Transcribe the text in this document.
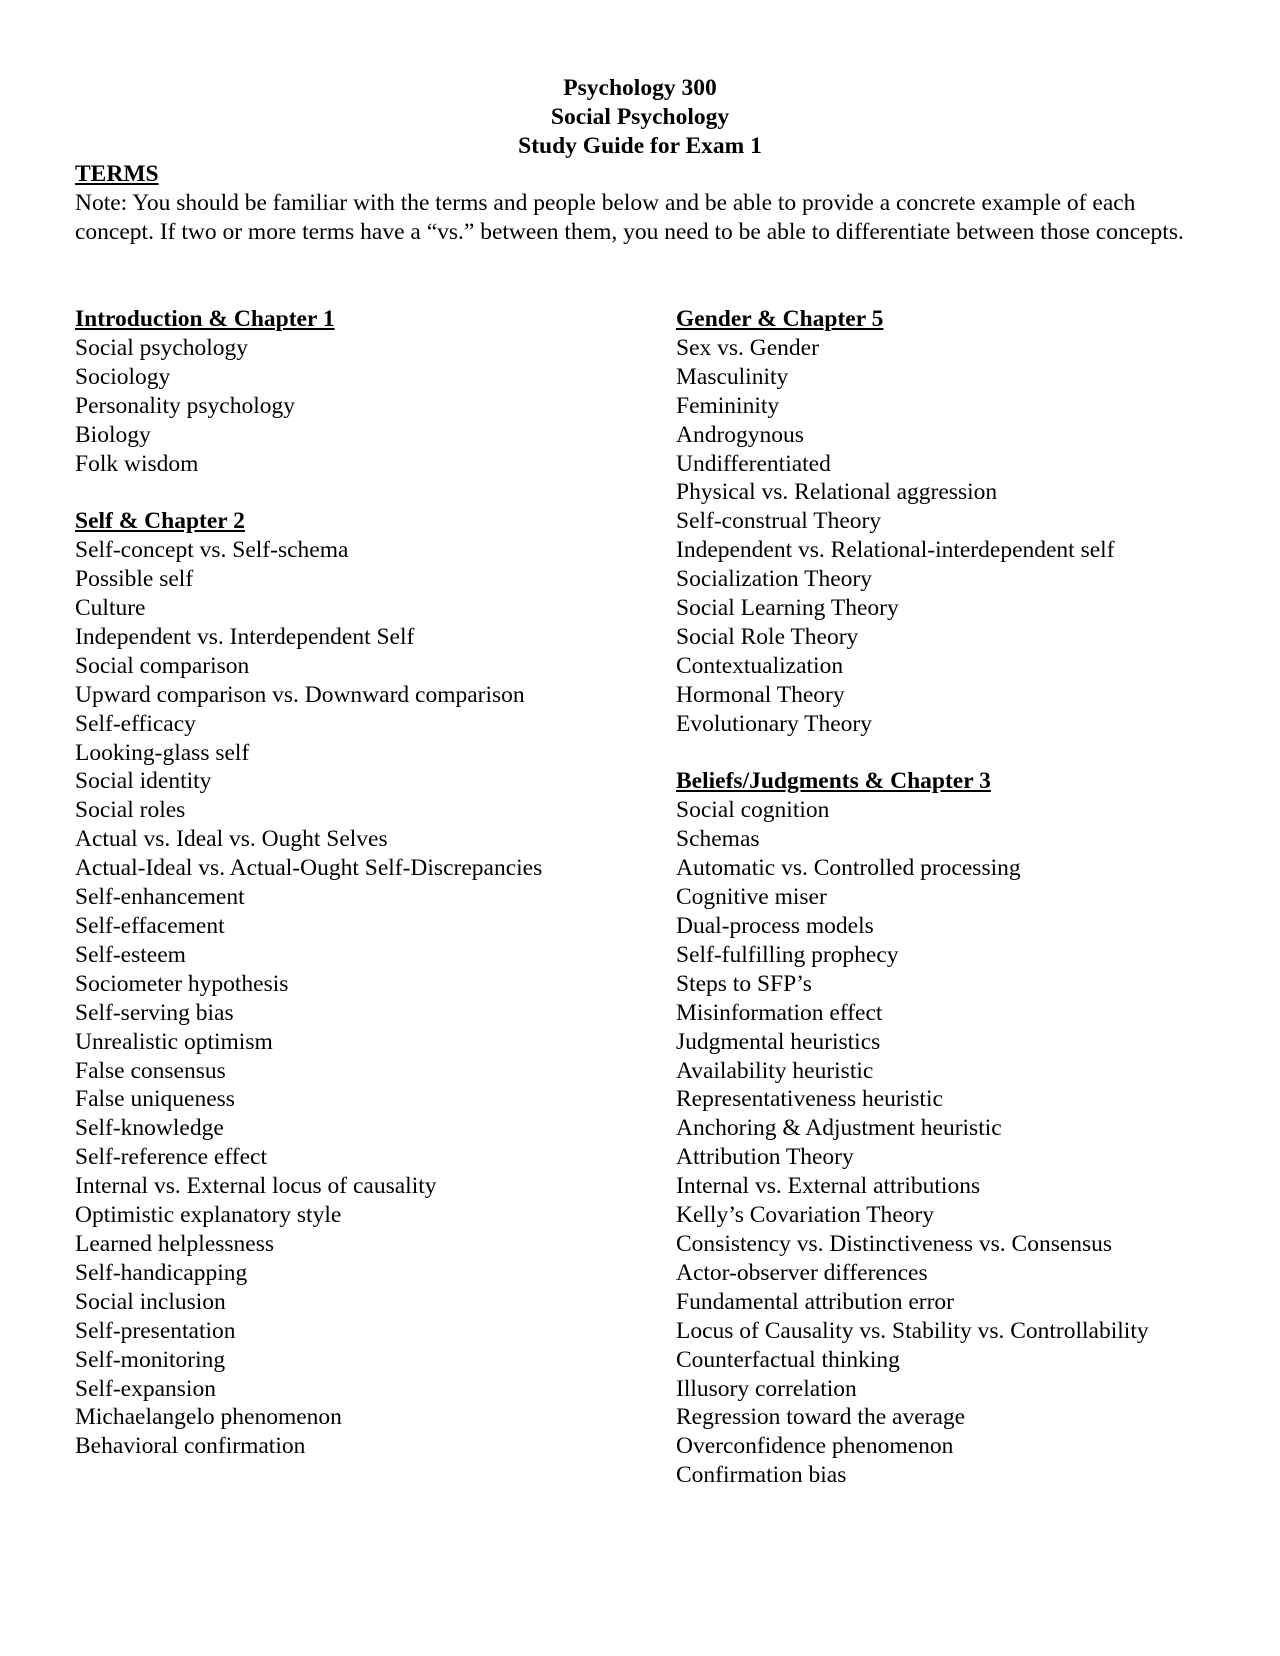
Psychology 300
Social Psychology
Study Guide for Exam 1
TERMS

Note: You should be familiar with the terms and people below and be able to provide a concrete example of each concept. If two or more terms have a “vs.” between them, you need to be able to differentiate between those concepts.

Introduction & Chapter 1
Social psychology
Sociology
Personality psychology
Biology
Folk wisdom
Self & Chapter 2
Self-concept vs. Self-schema
Possible self
Culture
Independent vs. Interdependent Self
Social comparison
Upward comparison vs. Downward comparison
Self-efficacy
Looking-glass self
Social identity
Social roles
Actual vs. Ideal vs. Ought Selves
Actual-Ideal vs. Actual-Ought Self-Discrepancies
Self-enhancement
Self-effacement
Self-esteem
Sociometer hypothesis
Self-serving bias
Unrealistic optimism
False consensus
False uniqueness
Self-knowledge
Self-reference effect
Internal vs. External locus of causality
Optimistic explanatory style
Learned helplessness
Self-handicapping
Social inclusion
Self-presentation
Self-monitoring
Self-expansion
Michaelangelo phenomenon
Behavioral confirmation
Gender & Chapter 5
Sex vs. Gender
Masculinity
Femininity
Androgynous
Undifferentiated
Physical vs. Relational aggression
Self-construal Theory
Independent vs. Relational-interdependent self
Socialization Theory
Social Learning Theory
Social Role Theory
Contextualization
Hormonal Theory
Evolutionary Theory
Beliefs/Judgments & Chapter 3
Social cognition
Schemas
Automatic vs. Controlled processing
Cognitive miser
Dual-process models
Self-fulfilling prophecy
Steps to SFP’s
Misinformation effect
Judgmental heuristics
Availability heuristic
Representativeness heuristic
Anchoring & Adjustment heuristic
Attribution Theory
Internal vs. External attributions
Kelly’s Covariation Theory
Consistency vs. Distinctiveness vs. Consensus
Actor-observer differences
Fundamental attribution error
Locus of Causality vs. Stability vs. Controllability
Counterfactual thinking
Illusory correlation
Regression toward the average
Overconfidence phenomenon
Confirmation bias
